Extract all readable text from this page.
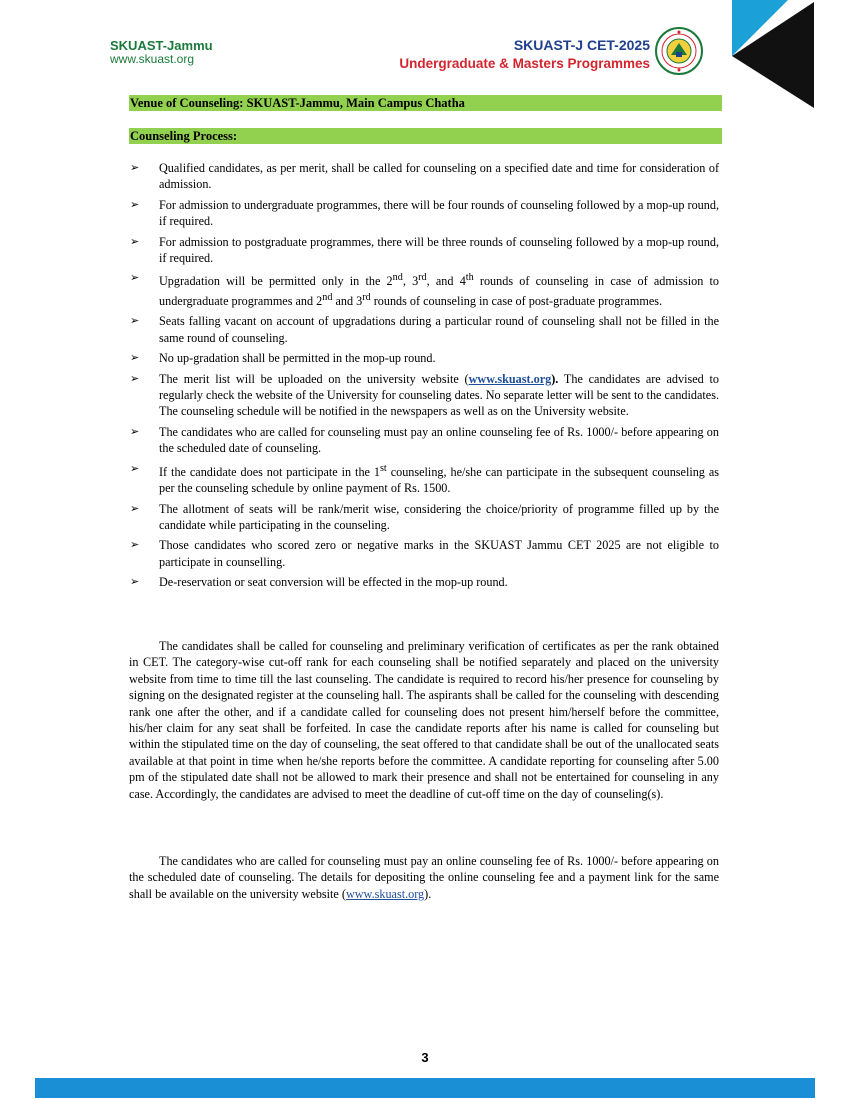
SKUAST-Jammu
www.skuast.org
SKUAST-J CET-2025
Undergraduate & Masters Programmes
Venue of Counseling: SKUAST-Jammu, Main Campus Chatha
Counseling Process:
➢ Qualified candidates, as per merit, shall be called for counseling on a specified date and time for consideration of admission.
➢ For admission to undergraduate programmes, there will be four rounds of counseling followed by a mop-up round, if required.
➢ For admission to postgraduate programmes, there will be three rounds of counseling followed by a mop-up round, if required.
➢ Upgradation will be permitted only in the 2nd, 3rd, and 4th rounds of counseling in case of admission to undergraduate programmes and 2nd and 3rd rounds of counseling in case of post-graduate programmes.
➢ Seats falling vacant on account of upgradations during a particular round of counseling shall not be filled in the same round of counseling.
➢ No up-gradation shall be permitted in the mop-up round.
➢ The merit list will be uploaded on the university website (www.skuast.org). The candidates are advised to regularly check the website of the University for counseling dates. No separate letter will be sent to the candidates. The counseling schedule will be notified in the newspapers as well as on the University website.
➢ The candidates who are called for counseling must pay an online counseling fee of Rs. 1000/- before appearing on the scheduled date of counseling.
➢ If the candidate does not participate in the 1st counseling, he/she can participate in the subsequent counseling as per the counseling schedule by online payment of Rs. 1500.
➢ The allotment of seats will be rank/merit wise, considering the choice/priority of programme filled up by the candidate while participating in the counseling.
➢ Those candidates who scored zero or negative marks in the SKUAST Jammu CET 2025 are not eligible to participate in counselling.
➢ De-reservation or seat conversion will be effected in the mop-up round.

The candidates shall be called for counseling and preliminary verification of certificates as per the rank obtained in CET. The category-wise cut-off rank for each counseling shall be notified separately and placed on the university website from time to time till the last counseling. The candidate is required to record his/her presence for counseling by signing on the designated register at the counseling hall. The aspirants shall be called for the counseling with descending rank one after the other, and if a candidate called for counseling does not present him/herself before the committee, his/her claim for any seat shall be forfeited. In case the candidate reports after his name is called for counseling but within the stipulated time on the day of counseling, the seat offered to that candidate shall be out of the unallocated seats available at that point in time when he/she reports before the committee. A candidate reporting for counseling after 5.00 pm of the stipulated date shall not be allowed to mark their presence and shall not be entertained for counseling in any case. Accordingly, the candidates are advised to meet the deadline of cut-off time on the day of counseling(s).

The candidates who are called for counseling must pay an online counseling fee of Rs. 1000/- before appearing on the scheduled date of counseling. The details for depositing the online counseling fee and a payment link for the same shall be available on the university website (www.skuast.org).

3
